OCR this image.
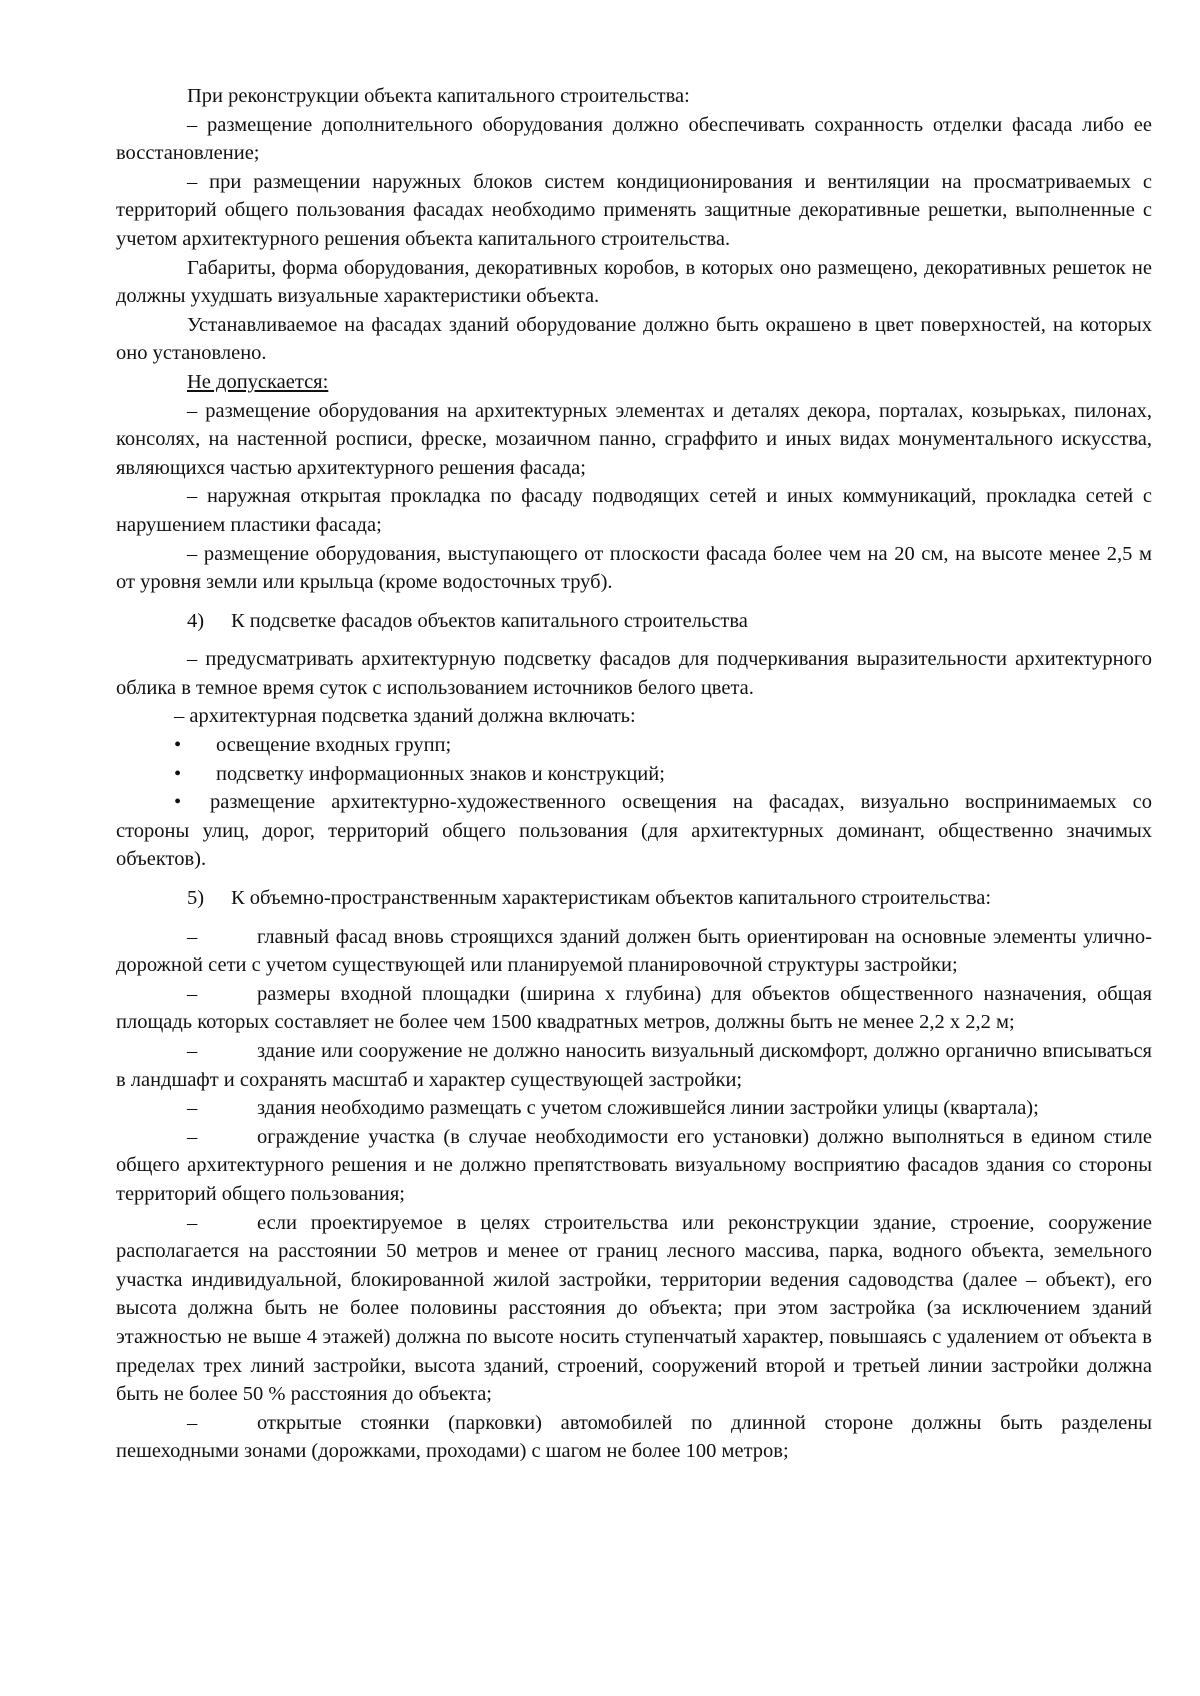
При реконструкции объекта капитального строительства:

– размещение дополнительного оборудования должно обеспечивать сохранность отделки фасада либо ее восстановление;

– при размещении наружных блоков систем кондиционирования и вентиляции на просматриваемых с территорий общего пользования фасадах необходимо применять защитные декоративные решетки, выполненные с учетом архитектурного решения объекта капитального строительства.

Габариты, форма оборудования, декоративных коробов, в которых оно размещено, декоративных решеток не должны ухудшать визуальные характеристики объекта.

Устанавливаемое на фасадах зданий оборудование должно быть окрашено в цвет поверхностей, на которых оно установлено.

Не допускается:

– размещение оборудования на архитектурных элементах и деталях декора, порталах, козырьках, пилонах, консолях, на настенной росписи, фреске, мозаичном панно, сграффито и иных видах монументального искусства, являющихся частью архитектурного решения фасада;

– наружная открытая прокладка по фасаду подводящих сетей и иных коммуникаций, прокладка сетей с нарушением пластики фасада;

– размещение оборудования, выступающего от плоскости фасада более чем на 20 см, на высоте менее 2,5 м от уровня земли или крыльца (кроме водосточных труб).

4) К подсветке фасадов объектов капитального строительства

– предусматривать архитектурную подсветку фасадов для подчеркивания выразительности архитектурного облика в темное время суток с использованием источников белого цвета.

– архитектурная подсветка зданий должна включать:

• освещение входных групп;

• подсветку информационных знаков и конструкций;

• размещение архитектурно-художественного освещения на фасадах, визуально воспринимаемых со стороны улиц, дорог, территорий общего пользования (для архитектурных доминант, общественно значимых объектов).

5) К объемно-пространственным характеристикам объектов капитального строительства:

–	главный фасад вновь строящихся зданий должен быть ориентирован на основные элементы улично-дорожной сети с учетом существующей или планируемой планировочной структуры застройки;

–	размеры входной площадки (ширина х глубина) для объектов общественного назначения, общая площадь которых составляет не более чем 1500 квадратных метров, должны быть не менее 2,2 х 2,2 м;

–	здание или сооружение не должно наносить визуальный дискомфорт, должно органично вписываться в ландшафт и сохранять масштаб и характер существующей застройки;

–	здания необходимо размещать с учетом сложившейся линии застройки улицы (квартала);

–	ограждение участка (в случае необходимости его установки) должно выполняться в едином стиле общего архитектурного решения и не должно препятствовать визуальному восприятию фасадов здания со стороны территорий общего пользования;

–	если проектируемое в целях строительства или реконструкции здание, строение, сооружение располагается на расстоянии 50 метров и менее от границ лесного массива, парка, водного объекта, земельного участка индивидуальной, блокированной жилой застройки, территории ведения садоводства (далее – объект), его высота должна быть не более половины расстояния до объекта; при этом застройка (за исключением зданий этажностью не выше 4 этажей) должна по высоте носить ступенчатый характер, повышаясь с удалением от объекта в пределах трех линий застройки, высота зданий, строений, сооружений второй и третьей линии застройки должна быть не более 50 % расстояния до объекта;

–	открытые стоянки (парковки) автомобилей по длинной стороне должны быть разделены пешеходными зонами (дорожками, проходами) с шагом не более 100 метров;
